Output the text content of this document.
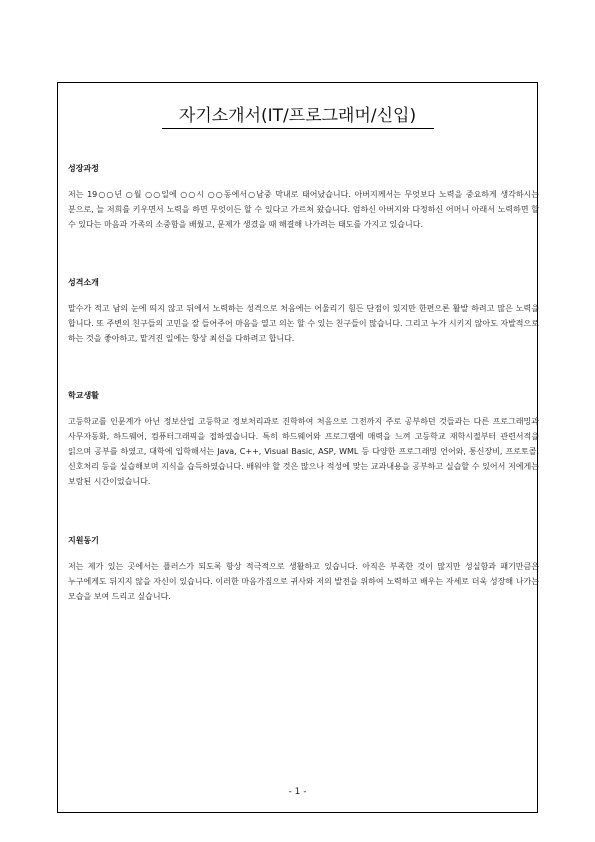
자기소개서(IT/프로그래머/신입)
성장과정
저는 19○○년 ○월 ○○일에 ○○시 ○○동에서○남중 막내로 태어났습니다. 아버지께서는 무엇보다 노력을 중요하게 생각하시는 분으로, 늘 저희를 키우면서 노력을 하면 무엇이든 할 수 있다고 가르쳐 왔습니다. 엄하신 아버지와 다정하신 어머니 아래서 노력하면 할 수 있다는 마음과 가족의 소중함을 배웠고, 문제가 생겼을 때 해결해 나가려는 태도를 가지고 있습니다.
성격소개
말수가 적고 남의 눈에 띄지 않고 뒤에서 노력하는 성격으로 처음에는 어울리기 힘든 단점이 있지만 한편으론 활발 하려고 많은 노력을 합니다. 또 주변의 친구들의 고민을 잘 들어주어 마음을 열고 의논 할 수 있는 친구들이 많습니다. 그리고 누가 시키지 않아도 자발적으로 하는 것을 좋아하고, 맡겨진 일에는 항상 최선을 다하려고 합니다.
학교생활
고등학교를 인문계가 아닌 정보산업 고등학교 정보처리과로 진학하여 처음으로 그전까지 주로 공부하던 것들과는 다른 프로그래밍과 사무자동화, 하드웨어, 컴퓨터그래픽을 접하였습니다. 특히 하드웨어와 프로그램에 매력을 느껴 고등학교 재학시절부터 관련서적을 읽으며 공부를 하였고, 대학에 입학해서는 Java, C++, Visual Basic, ASP, WML 등 다양한 프로그래밍 언어와, 통신장비, 프로토콜, 신호처리 등을 실습해보며 지식을 습득하였습니다. 배워야 할 것은 많으나 적성에 맞는 교과내용을 공부하고 실습할 수 있어서 저에게는 보람된 시간이었습니다.
지원동기
저는 제가 있는 곳에서는 플러스가 되도록 항상 적극적으로 생활하고 있습니다. 아직은 부족한 것이 많지만 성실함과 패기만큼은 누구에게도 뒤지지 않을 자신이 있습니다. 이러한 마음가짐으로 귀사와 저의 발전을 위하여 노력하고 배우는 자세로 더욱 성장해 나가는 모습을 보여 드리고 싶습니다.
- 1 -
